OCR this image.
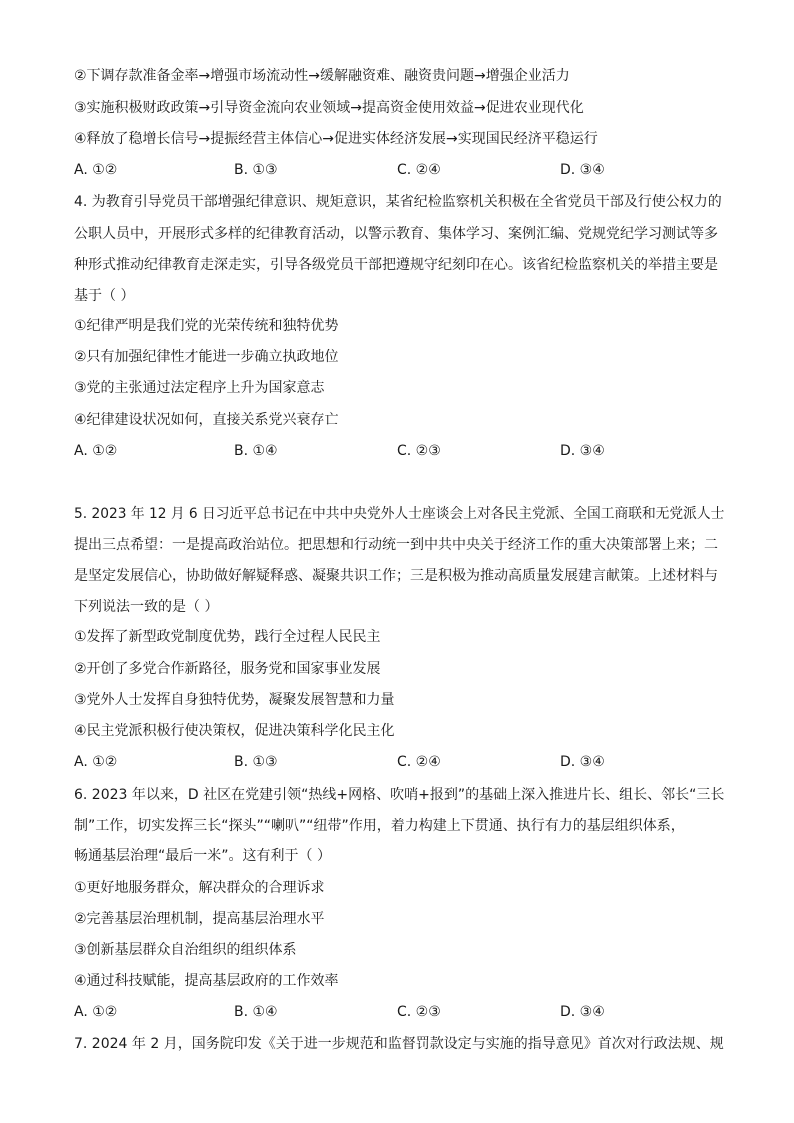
②下调存款准备金率→增强市场流动性→缓解融资难、融资贵问题→增强企业活力
③实施积极财政政策→引导资金流向农业领域→提高资金使用效益→促进农业现代化
④释放了稳增长信号→提振经营主体信心→促进实体经济发展→实现国民经济平稳运行
A. ①②	B. ①③	C. ②④	D. ③④
4. 为教育引导党员干部增强纪律意识、规矩意识，某省纪检监察机关积极在全省党员干部及行使公权力的
公职人员中，开展形式多样的纪律教育活动，以警示教育、集体学习、案例汇编、党规党纪学习测试等多
种形式推动纪律教育走深走实，引导各级党员干部把遵规守纪刻印在心。该省纪检监察机关的举措主要是
基于（ ）
①纪律严明是我们党的光荣传统和独特优势
②只有加强纪律性才能进一步确立执政地位
③党的主张通过法定程序上升为国家意志
④纪律建设状况如何，直接关系党兴衰存亡
A. ①②	B. ①④	C. ②③	D. ③④
5. 2023 年 12 月 6 日习近平总书记在中共中央党外人士座谈会上对各民主党派、全国工商联和无党派人士
提出三点希望：一是提高政治站位。把思想和行动统一到中共中央关于经济工作的重大决策部署上来；二
是坚定发展信心，协助做好解疑释惑、凝聚共识工作；三是积极为推动高质量发展建言献策。上述材料与
下列说法一致的是（ ）
①发挥了新型政党制度优势，践行全过程人民民主
②开创了多党合作新路径，服务党和国家事业发展
③党外人士发挥自身独特优势，凝聚发展智慧和力量
④民主党派积极行使决策权，促进决策科学化民主化
A. ①②	B. ①③	C. ②④	D. ③④
6. 2023 年以来，D 社区在党建引领“热线+网格、吹哨+报到”的基础上深入推进片长、组长、邻长“三长
制”工作，切实发挥三长“探头”“喇叭”“纽带”作用，着力构建上下贯通、执行有力的基层组织体系，
畅通基层治理“最后一米”。这有利于（ ）
①更好地服务群众，解决群众的合理诉求
②完善基层治理机制，提高基层治理水平
③创新基层群众自治组织的组织体系
④通过科技赋能，提高基层政府的工作效率
A. ①②	B. ①④	C. ②③	D. ③④
7. 2024 年 2 月，国务院印发《关于进一步规范和监督罚款设定与实施的指导意见》首次对行政法规、规
